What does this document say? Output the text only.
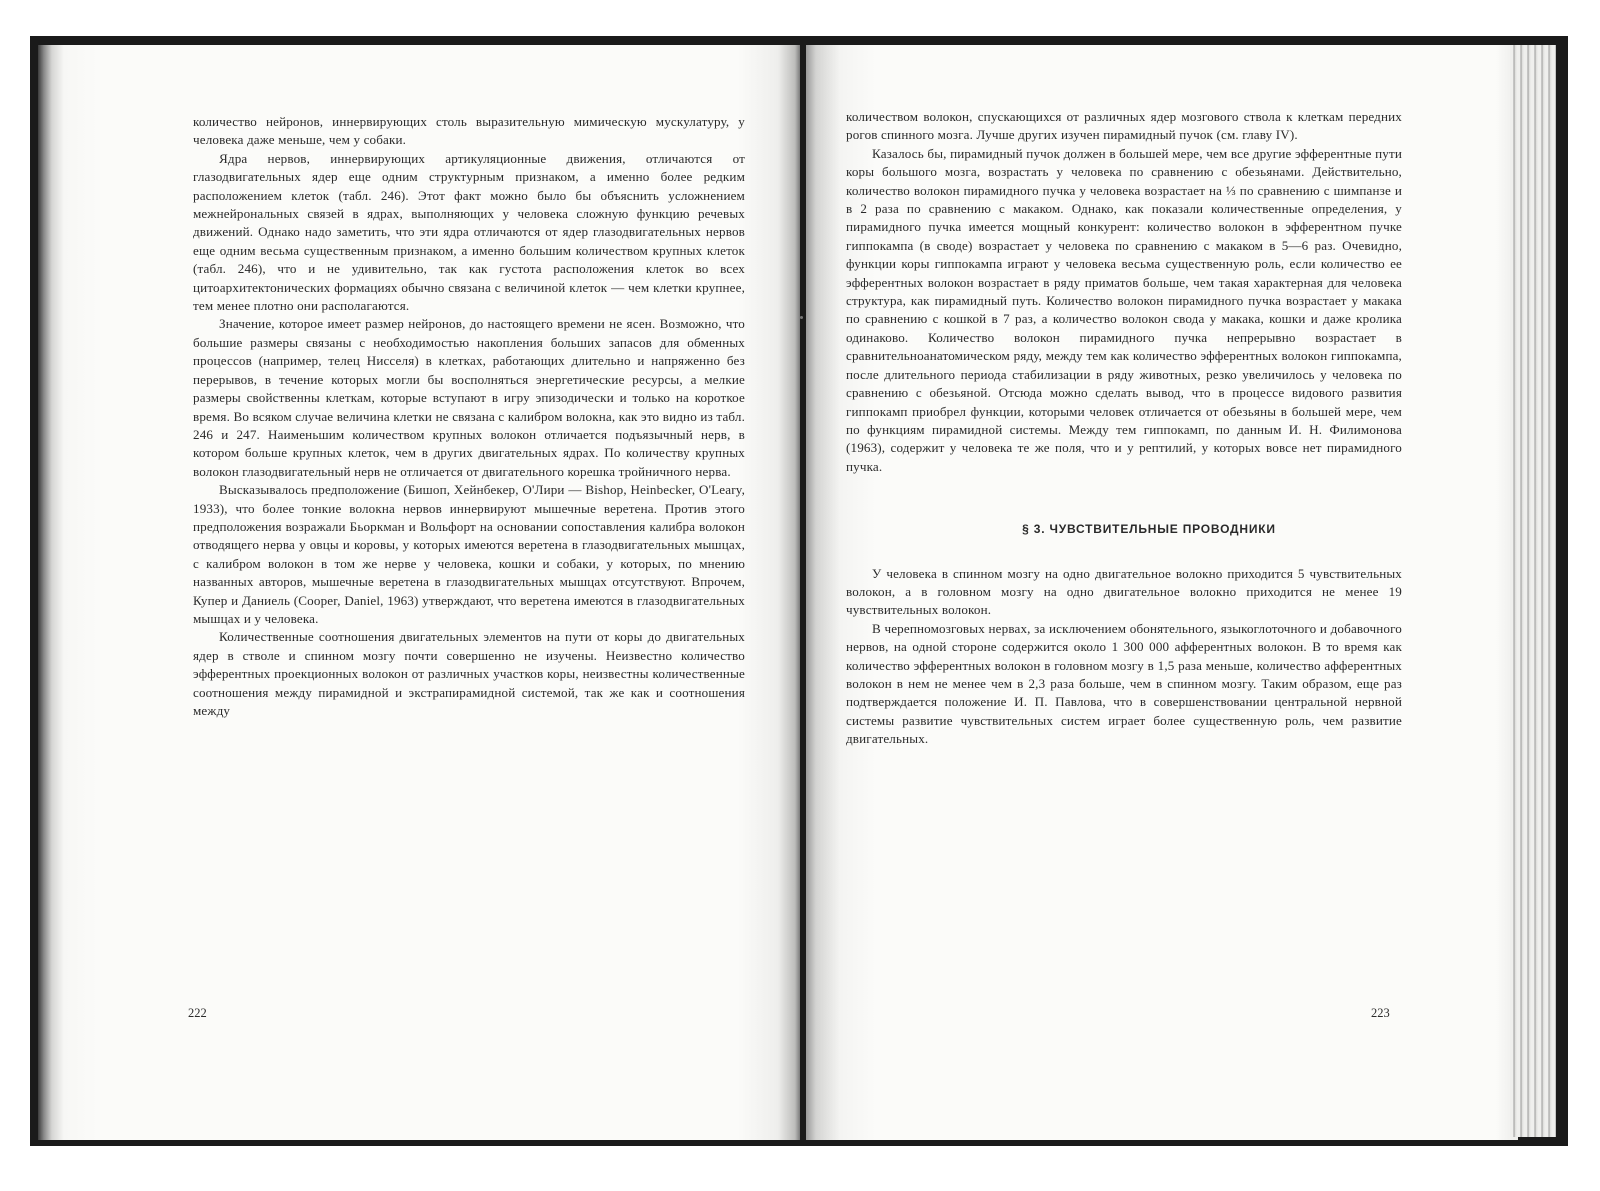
количество нейронов, иннервирующих столь выразительную мимическую мускулатуру, у человека даже меньше, чем у собаки.

Ядра нервов, иннервирующих артикуляционные движения, отличаются от глазодвигательных ядер еще одним структурным признаком, а именно более редким расположением клеток (табл. 246). Этот факт можно было бы объяснить усложнением межнейрональных связей в ядрах, выполняющих у человека сложную функцию речевых движений. Однако надо заметить, что эти ядра отличаются от ядер глазодвигательных нервов еще одним весьма существенным признаком, а именно большим количеством крупных клеток (табл. 246), что и не удивительно, так как густота расположения клеток во всех цитоархитектонических формациях обычно связана с величиной клеток — чем клетки крупнее, тем менее плотно они располагаются.

Значение, которое имеет размер нейронов, до настоящего времени не ясен. Возможно, что большие размеры связаны с необходимостью накопления больших запасов для обменных процессов (например, телец Нисселя) в клетках, работающих длительно и напряженно без перерывов, в течение которых могли бы восполняться энергетические ресурсы, а мелкие размеры свойственны клеткам, которые вступают в игру эпизодически и только на короткое время. Во всяком случае величина клетки не связана с калибром волокна, как это видно из табл. 246 и 247. Наименьшим количеством крупных волокон отличается подъязычный нерв, в котором больше крупных клеток, чем в других двигательных ядрах. По количеству крупных волокон глазодвигательный нерв не отличается от двигательного корешка тройничного нерва.

Высказывалось предположение (Бишоп, Хейнбекер, О'Лири — Bishop, Heinbecker, O'Leary, 1933), что более тонкие волокна нервов иннервируют мышечные веретена. Против этого предположения возражали Бьоркман и Вольфорт на основании сопоставления калибра волокон отводящего нерва у овцы и коровы, у которых имеются веретена в глазодвигательных мышцах, с калибром волокон в том же нерве у человека, кошки и собаки, у которых, по мнению названных авторов, мышечные веретена в глазодвигательных мышцах отсутствуют. Впрочем, Купер и Даниель (Cooper, Daniel, 1963) утверждают, что веретена имеются в глазодвигательных мышцах и у человека.

Количественные соотношения двигательных элементов на пути от коры до двигательных ядер в стволе и спинном мозгу почти совершенно не изучены. Неизвестно количество эфферентных проекционных волокон от различных участков коры, неизвестны количественные соотношения между пирамидной и экстрапирамидной системой, так же как и соотношения между

222

количеством волокон, спускающихся от различных ядер мозгового ствола к клеткам передних рогов спинного мозга. Лучше других изучен пирамидный пучок (см. главу IV).

Казалось бы, пирамидный пучок должен в большей мере, чем все другие эфферентные пути коры большого мозга, возрастать у человека по сравнению с обезьянами. Действительно, количество волокон пирамидного пучка у человека возрастает на ⅓ по сравнению с шимпанзе и в 2 раза по сравнению с макаком. Однако, как показали количественные определения, у пирамидного пучка имеется мощный конкурент: количество волокон в эфферентном пучке гиппокампа (в своде) возрастает у человека по сравнению с макаком в 5—6 раз. Очевидно, функции коры гиппокампа играют у человека весьма существенную роль, если количество ее эфферентных волокон возрастает в ряду приматов больше, чем такая характерная для человека структура, как пирамидный путь. Количество волокон пирамидного пучка возрастает у макака по сравнению с кошкой в 7 раз, а количество волокон свода у макака, кошки и даже кролика одинаково. Количество волокон пирамидного пучка непрерывно возрастает в сравнительноанатомическом ряду, между тем как количество эфферентных волокон гиппокампа, после длительного периода стабилизации в ряду животных, резко увеличилось у человека по сравнению с обезьяной. Отсюда можно сделать вывод, что в процессе видового развития гиппокамп приобрел функции, которыми человек отличается от обезьяны в большей мере, чем по функциям пирамидной системы. Между тем гиппокамп, по данным И. Н. Филимонова (1963), содержит у человека те же поля, что и у рептилий, у которых вовсе нет пирамидного пучка.

§ 3. ЧУВСТВИТЕЛЬНЫЕ ПРОВОДНИКИ

У человека в спинном мозгу на одно двигательное волокно приходится 5 чувствительных волокон, а в головном мозгу на одно двигательное волокно приходится не менее 19 чувствительных волокон.

В черепномозговых нервах, за исключением обонятельного, языкоглоточного и добавочного нервов, на одной стороне содержится около 1 300 000 афферентных волокон. В то время как количество эфферентных волокон в головном мозгу в 1,5 раза меньше, количество афферентных волокон в нем не менее чем в 2,3 раза больше, чем в спинном мозгу. Таким образом, еще раз подтверждается положение И. П. Павлова, что в совершенствовании центральной нервной системы развитие чувствительных систем играет более существенную роль, чем развитие двигательных.

223
